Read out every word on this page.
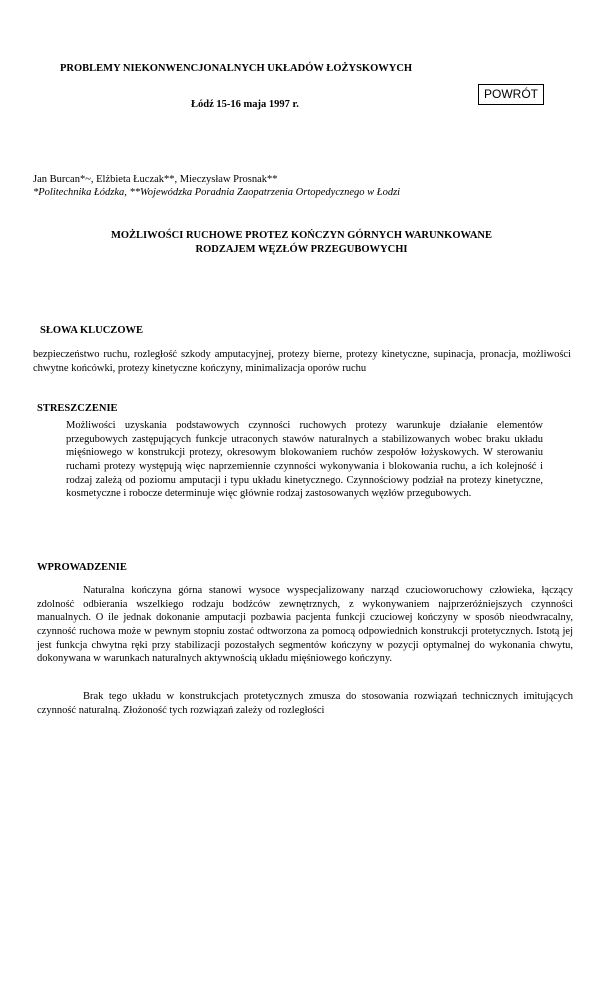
PROBLEMY NIEKONWENCJONALNYCH UKŁADÓW ŁOŻYSKOWYCH
Łódź 15-16 maja 1997 r.
POWRÓT
Jan Burcan*~, Elżbieta Łuczak**, Mieczysław Prosnak**
*Politechnika Łódzka, **Wojewódzka Poradnia Zaopatrzenia Ortopedycznego w Łodzi
MOŻLIWOŚCI RUCHOWE PROTEZ KOŃCZYN GÓRNYCH WARUNKOWANE
RODZAJEM WĘZŁÓW PRZEGUBOWYCHI
SŁOWA KLUCZOWE
bezpieczeństwo ruchu, rozległość szkody amputacyjnej, protezy bierne, protezy kinetyczne, supinacja, pronacja, możliwości chwytne końcówki, protezy kinetyczne kończyny, minimalizacja oporów ruchu
STRESZCZENIE
Możliwości uzyskania podstawowych czynności ruchowych protezy warunkuje działanie elementów przegubowych zastępujących funkcje utraconych stawów naturalnych a stabilizowanych wobec braku układu mięśniowego w konstrukcji protezy, okresowym blokowaniem ruchów zespołów łożyskowych. W sterowaniu ruchami protezy występują więc naprzemiennie czynności wykonywania i blokowania ruchu, a ich kolejność i rodzaj zależą od poziomu amputacji i typu układu kinetycznego. Czynnościowy podział na protezy kinetyczne, kosmetyczne i robocze determinuje więc głównie rodzaj zastosowanych węzłów przegubowych.
WPROWADZENIE
Naturalna kończyna górna stanowi wysoce wyspecjalizowany narząd czucioworuchowy człowieka, łączący zdolność odbierania wszelkiego rodzaju bodźców zewnętrznych, z wykonywaniem najprzeróżniejszych czynności manualnych. O ile jednak dokonanie amputacji pozbawia pacjenta funkcji czuciowej kończyny w sposób nieodwracalny, czynność ruchowa może w pewnym stopniu zostać odtworzona za pomocą odpowiednich konstrukcji protetycznych. Istotą jej jest funkcja chwytna ręki przy stabilizacji pozostałych segmentów kończyny w pozycji optymalnej do wykonania chwytu, dokonywana w warunkach naturalnych aktywnością układu mięśniowego kończyny.
Brak tego układu w konstrukcjach protetycznych zmusza do stosowania rozwiązań technicznych imitujących czynność naturalną. Złożoność tych rozwiązań zależy od rozległości
